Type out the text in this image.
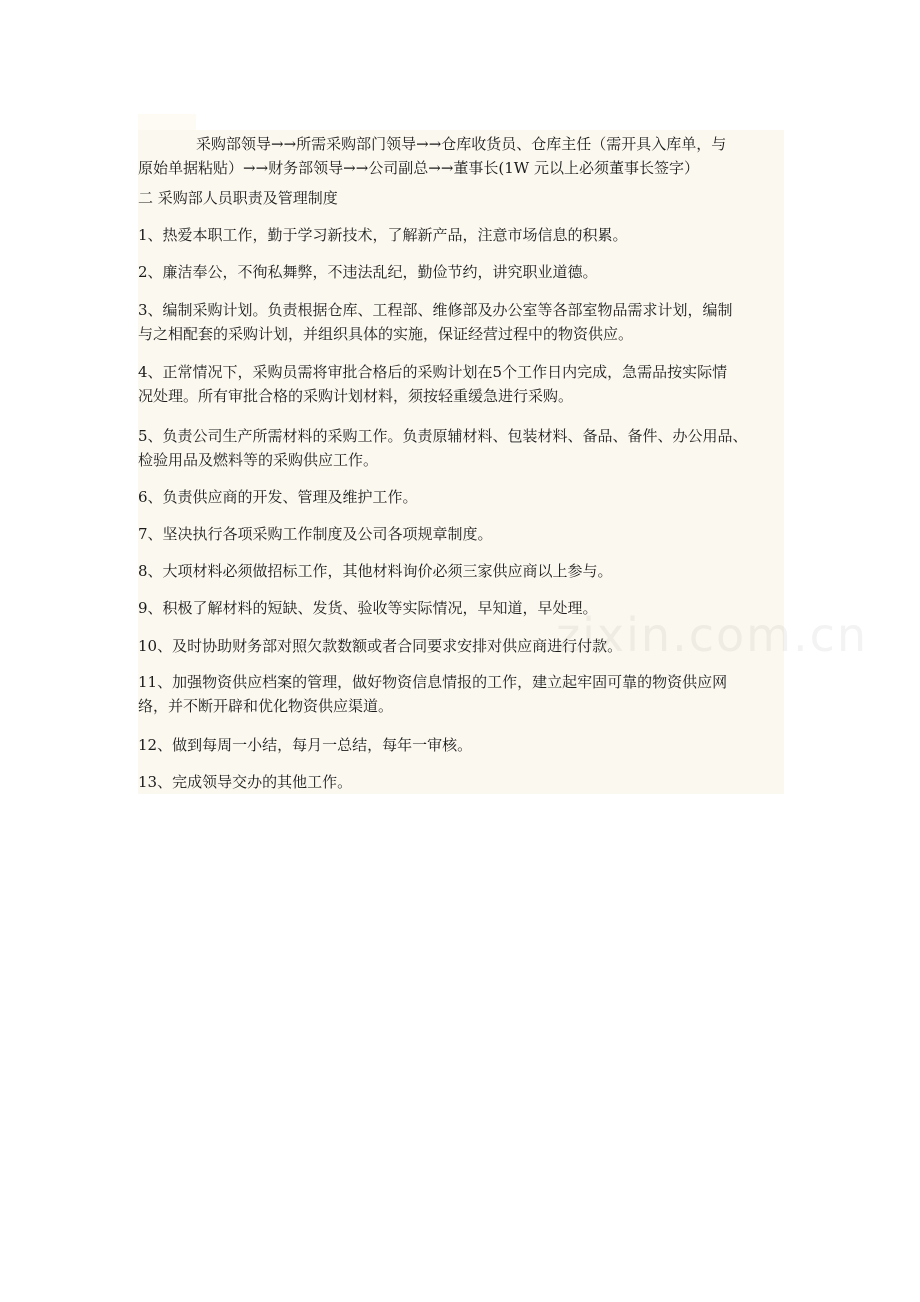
采购部领导→→所需采购部门领导→→仓库收货员、仓库主任（需开具入库单，与
原始单据粘贴）→→财务部领导→→公司副总→→董事长(1W 元以上必须董事长签字）
二 采购部人员职责及管理制度
1、热爱本职工作，勤于学习新技术，了解新产品，注意市场信息的积累。
2、廉洁奉公，不徇私舞弊，不违法乱纪，勤俭节约，讲究职业道德。
3、编制采购计划。负责根据仓库、工程部、维修部及办公室等各部室物品需求计划，编制
与之相配套的采购计划，并组织具体的实施，保证经营过程中的物资供应。
4、正常情况下，采购员需将审批合格后的采购计划在5个工作日内完成，急需品按实际情
况处理。所有审批合格的采购计划材料，须按轻重缓急进行采购。
5、负责公司生产所需材料的采购工作。负责原辅材料、包装材料、备品、备件、办公用品、
检验用品及燃料等的采购供应工作。
6、负责供应商的开发、管理及维护工作。
7、坚决执行各项采购工作制度及公司各项规章制度。
8、大项材料必须做招标工作，其他材料询价必须三家供应商以上参与。
9、积极了解材料的短缺、发货、验收等实际情况，早知道，早处理。
10、及时协助财务部对照欠款数额或者合同要求安排对供应商进行付款。
11、加强物资供应档案的管理，做好物资信息情报的工作，建立起牢固可靠的物资供应网
络，并不断开辟和优化物资供应渠道。
12、做到每周一小结，每月一总结，每年一审核。
13、完成领导交办的其他工作。
zixin.com.cn
